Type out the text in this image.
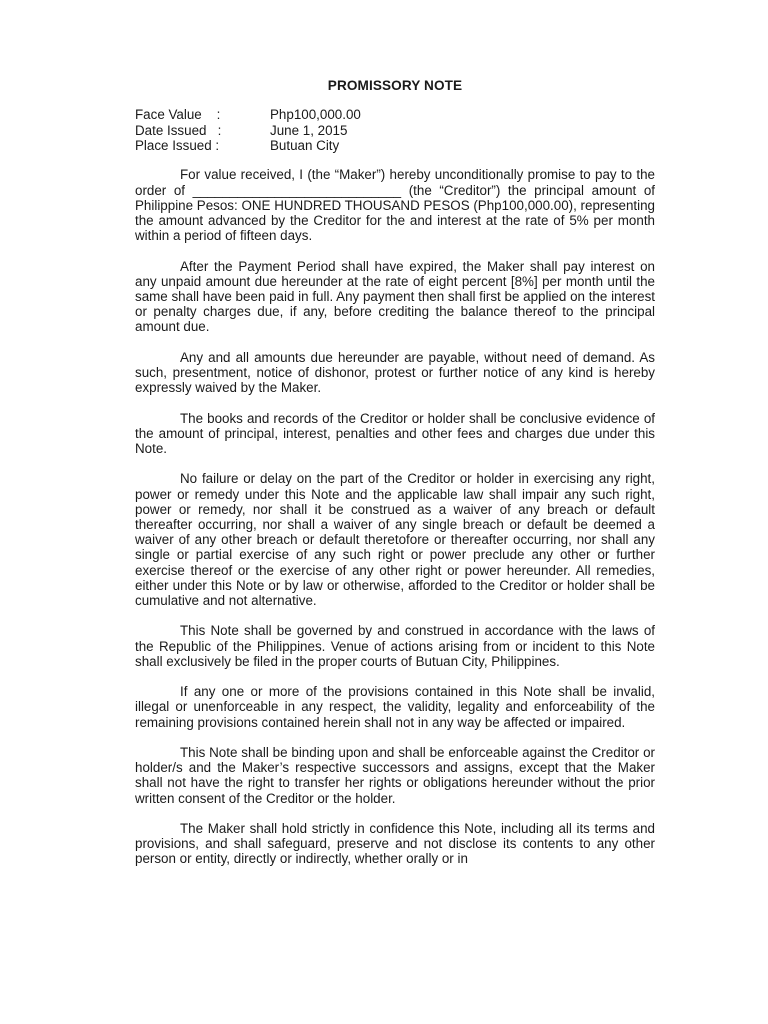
PROMISSORY NOTE
Face Value    :	Php100,000.00
Date Issued   :	June 1, 2015
Place Issued :	Butuan City

For value received, I (the “Maker”) hereby unconditionally promise to pay to the order of ____________________________ (the “Creditor”) the principal amount of Philippine Pesos: ONE HUNDRED THOUSAND PESOS (Php100,000.00), representing the amount advanced by the Creditor for the and interest at the rate of 5% per month within a period of fifteen days.

After the Payment Period shall have expired, the Maker shall pay interest on any unpaid amount due hereunder at the rate of eight percent [8%] per month until the same shall have been paid in full. Any payment then shall first be applied on the interest or penalty charges due, if any, before crediting the balance thereof to the principal amount due.

Any and all amounts due hereunder are payable, without need of demand. As such, presentment, notice of dishonor, protest or further notice of any kind is hereby expressly waived by the Maker.

The books and records of the Creditor or holder shall be conclusive evidence of the amount of principal, interest, penalties and other fees and charges due under this Note.

No failure or delay on the part of the Creditor or holder in exercising any right, power or remedy under this Note and the applicable law shall impair any such right, power or remedy, nor shall it be construed as a waiver of any breach or default thereafter occurring, nor shall a waiver of any single breach or default be deemed a waiver of any other breach or default theretofore or thereafter occurring, nor shall any single or partial exercise of any such right or power preclude any other or further exercise thereof or the exercise of any other right or power hereunder. All remedies, either under this Note or by law or otherwise, afforded to the Creditor or holder shall be cumulative and not alternative.

This Note shall be governed by and construed in accordance with the laws of the Republic of the Philippines. Venue of actions arising from or incident to this Note shall exclusively be filed in the proper courts of Butuan City, Philippines.

If any one or more of the provisions contained in this Note shall be invalid, illegal or unenforceable in any respect, the validity, legality and enforceability of the remaining provisions contained herein shall not in any way be affected or impaired.

This Note shall be binding upon and shall be enforceable against the Creditor or holder/s and the Maker’s respective successors and assigns, except that the Maker shall not have the right to transfer her rights or obligations hereunder without the prior written consent of the Creditor or the holder.

The Maker shall hold strictly in confidence this Note, including all its terms and provisions, and shall safeguard, preserve and not disclose its contents to any other person or entity, directly or indirectly, whether orally or in
